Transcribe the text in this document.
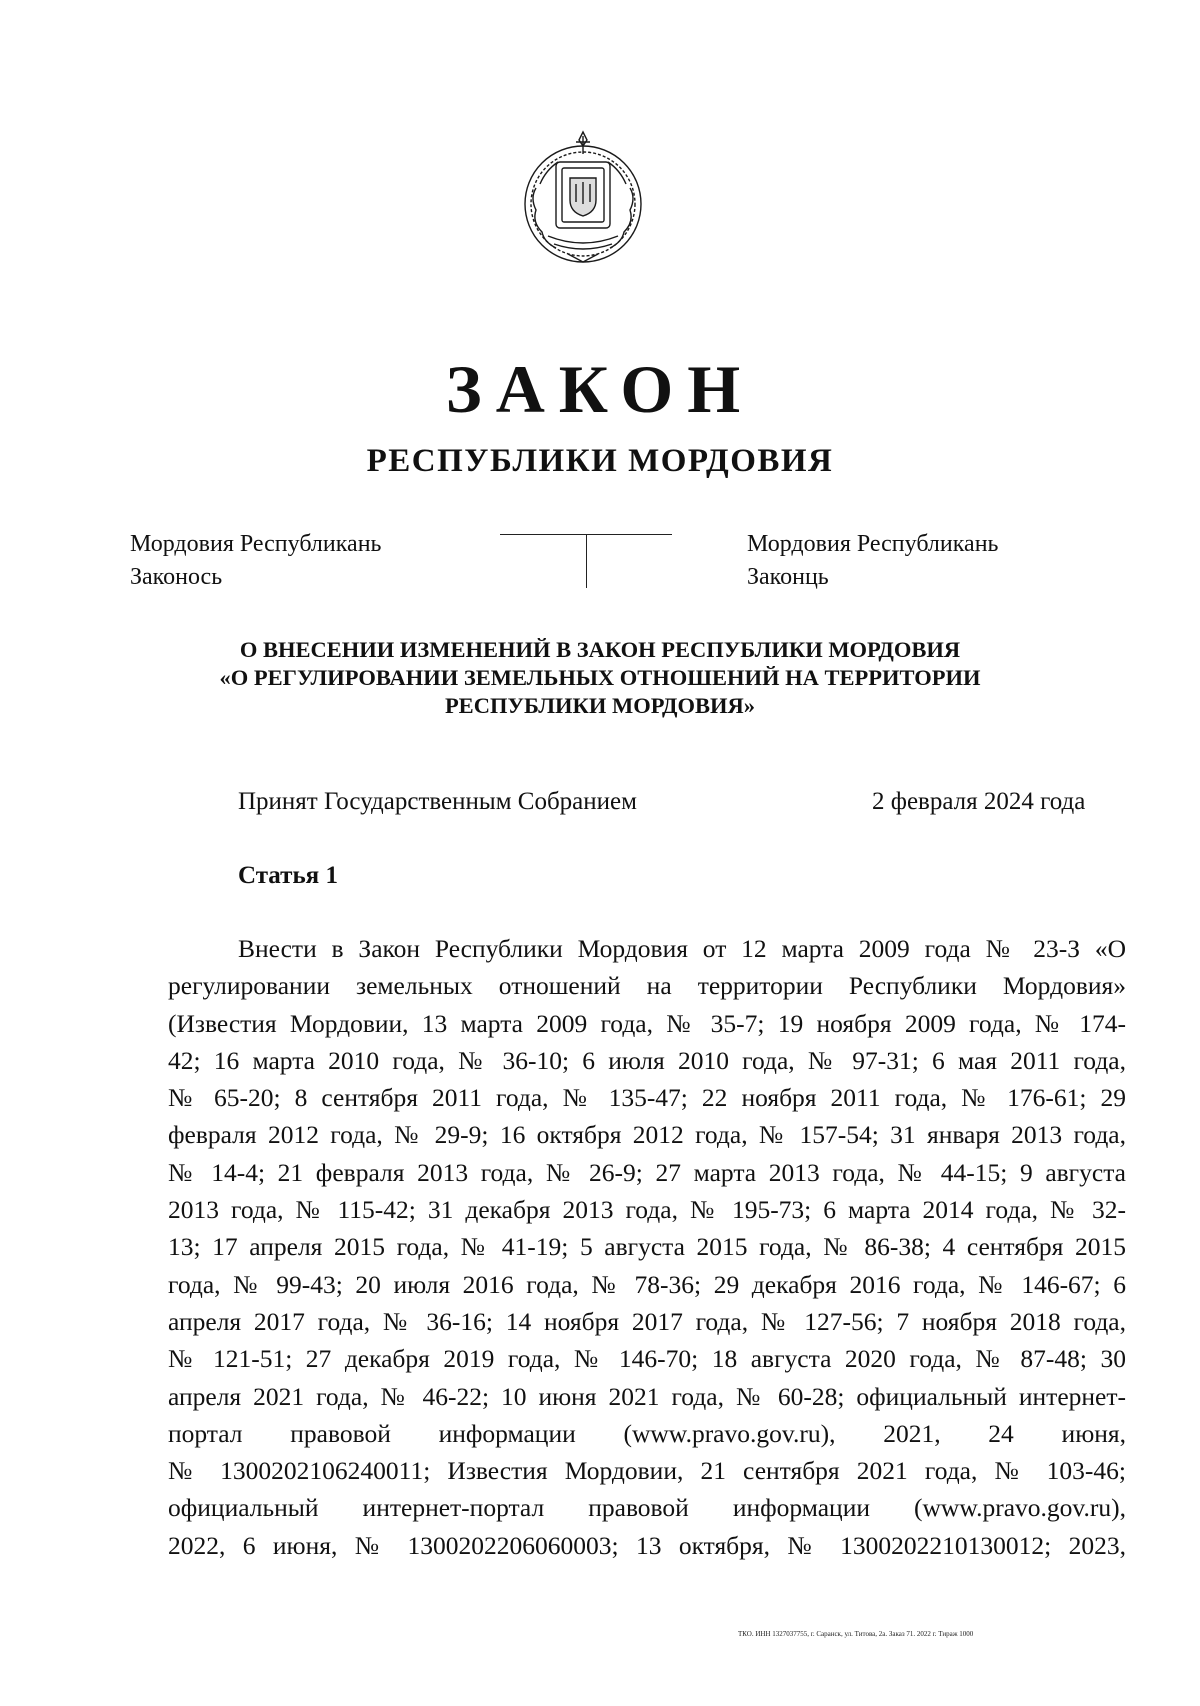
ЗАКОН
РЕСПУБЛИКИ МОРДОВИЯ
Мордовия Республикань
Законось
Мордовия Республикань
Законць
О ВНЕСЕНИИ ИЗМЕНЕНИЙ В ЗАКОН РЕСПУБЛИКИ МОРДОВИЯ
«О РЕГУЛИРОВАНИИ ЗЕМЕЛЬНЫХ ОТНОШЕНИЙ НА ТЕРРИТОРИИ
РЕСПУБЛИКИ МОРДОВИЯ»
Принят Государственным Собранием	2 февраля 2024 года
Статья 1
Внести в Закон Республики Мордовия от 12 марта 2009 года № 23-З «О
регулировании земельных отношений на территории Республики Мордовия»
(Известия Мордовии, 13 марта 2009 года, № 35-7; 19 ноября 2009 года, № 174-
42; 16 марта 2010 года, № 36-10; 6 июля 2010 года, № 97-31; 6 мая 2011 года,
№ 65-20; 8 сентября 2011 года, № 135-47; 22 ноября 2011 года, № 176-61; 29
февраля 2012 года, № 29-9; 16 октября 2012 года, № 157-54; 31 января 2013 года,
№ 14-4; 21 февраля 2013 года, № 26-9; 27 марта 2013 года, № 44-15; 9 августа
2013 года, № 115-42; 31 декабря 2013 года, № 195-73; 6 марта 2014 года, № 32-
13; 17 апреля 2015 года, № 41-19; 5 августа 2015 года, № 86-38; 4 сентября 2015
года, № 99-43; 20 июля 2016 года, № 78-36; 29 декабря 2016 года, № 146-67; 6
апреля 2017 года, № 36-16; 14 ноября 2017 года, № 127-56; 7 ноября 2018 года,
№ 121-51; 27 декабря 2019 года, № 146-70; 18 августа 2020 года, № 87-48; 30
апреля 2021 года, № 46-22; 10 июня 2021 года, № 60-28; официальный интернет-
портал правовой информации (www.pravo.gov.ru), 2021, 24 июня,
№ 1300202106240011; Известия Мордовии, 21 сентября 2021 года, № 103-46;
официальный интернет-портал правовой информации (www.pravo.gov.ru),
2022, 6 июня, № 1300202206060003; 13 октября, № 1300202210130012; 2023,
ТКО. ИНН 1327037755, г. Саранск, ул. Титова, 2а. Заказ 71. 2022 г. Тираж 1000
